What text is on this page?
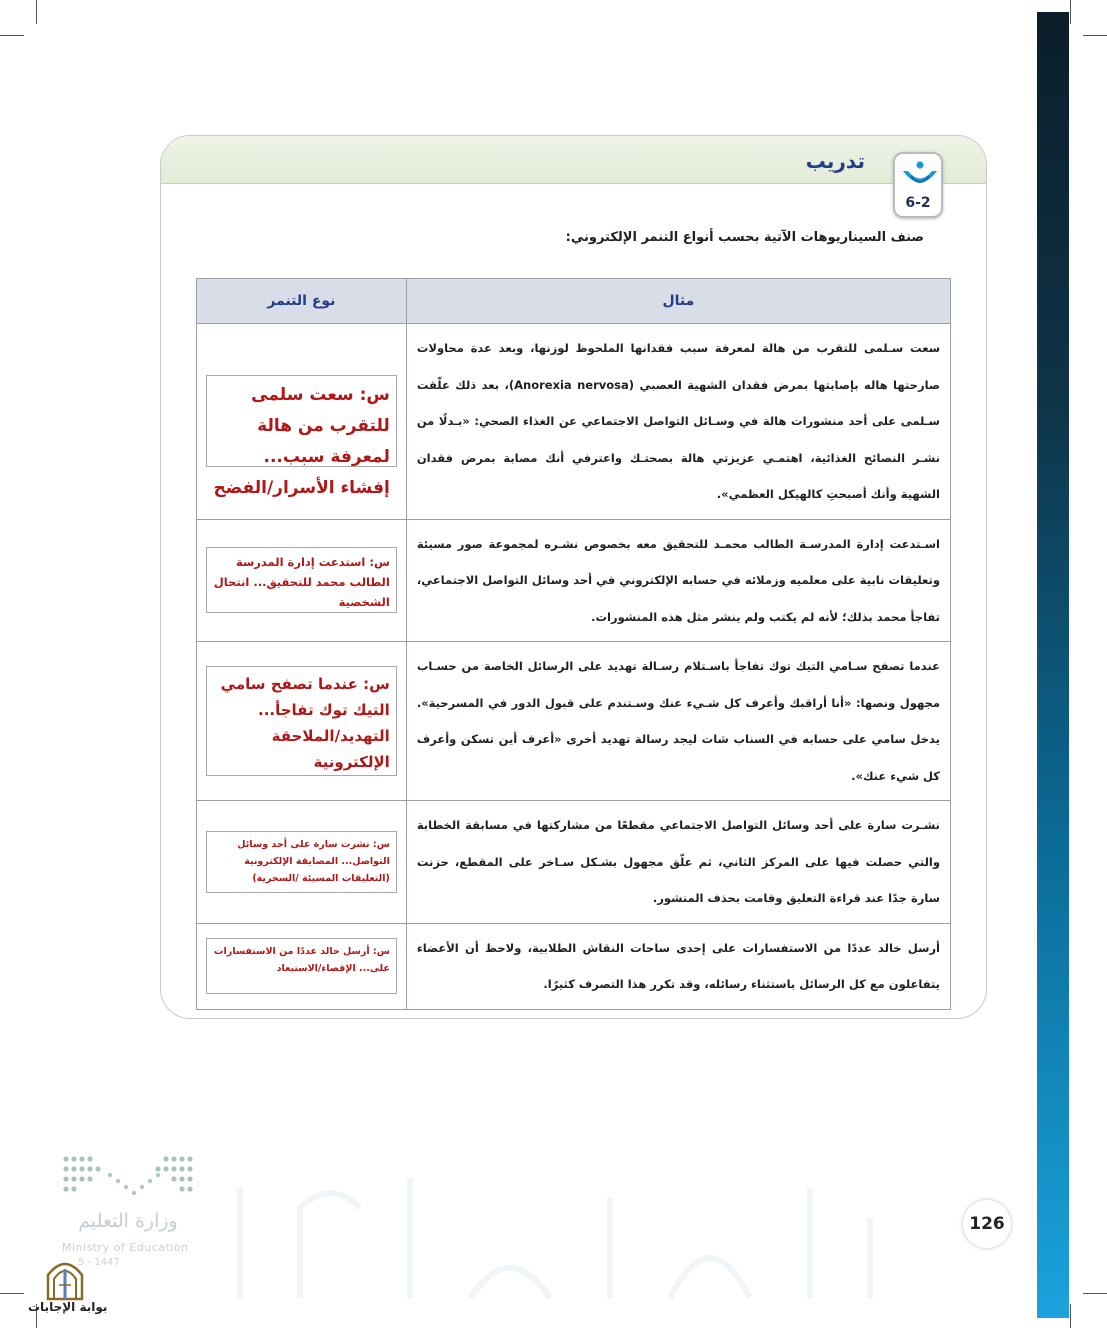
تدريب
6-2
صنف السيناريوهات الآتية بحسب أنواع التنمر الإلكتروني:
مثال	نوع التنمر
سعت سـلمى للتقرب من هالة لمعرفة سبب فقدانها الملحوظ لوزنها، وبعد عدة محاولات صارحتها هاله بإصابتها بمرض فقدان الشهية العصبي (Anorexia nervosa)، بعد ذلك علّقت سـلمى على أحد منشورات هالة في وسـائل التواصل الاجتماعي عن الغذاء الصحي: «بـدلًا من نشـر النصائح الغذائية، اهتمـي عزيزتي هالة بصحتـك واعترفي أنك مصابة بمرض فقدان الشهية وأنك أصبحتِ كالهيكل العظمي».	س: سعت سلمى للتقرب من هالة لمعرفة سبب... إفشاء الأسرار/الفضح

اسـتدعت إدارة المدرسـة الطالب محمـد للتحقيق معه بخصوص نشـره لمجموعة صور مسيئة وتعليقات نابية على معلميه وزملائه في حسابه الإلكتروني في أحد وسائل التواصل الاجتماعي، تفاجأ محمد بذلك؛ لأنه لم يكتب ولم ينشر مثل هذه المنشورات.	س: استدعت إدارة المدرسة الطالب محمد للتحقيق... انتحال الشخصية

عندما تصفح سـامي التيك توك تفاجأ باسـتلام رسـالة تهديد على الرسائل الخاصة من حسـاب مجهول ونصها: «أنا أراقبك وأعرف كل شـيء عنك وسـتندم على قبول الدور في المسرحية». يدخل سامي على حسابه في السناب شات ليجد رسالة تهديد أخرى «أعرف أين تسكن وأعرف كل شيء عنك».	س: عندما تصفح سامي التيك توك تفاجأ... التهديد/الملاحقة الإلكترونية

نشـرت سارة على أحد وسائل التواصل الاجتماعي مقطعًا من مشاركتها في مسابقة الخطابة والتي حصلت فيها على المركز الثاني، ثم علّق مجهول بشـكل سـاخر على المقطع، حزنت سارة جدًا عند قراءة التعليق وقامت بحذف المنشور.	س: نشرت سارة على أحد وسائل التواصل... المضايقة الإلكترونية (التعليقات المسيئة /السخرية)

أرسل خالد عددًا من الاستفسارات على إحدى ساحات النقاش الطلابية، ولاحظ أن الأعضاء يتفاعلون مع كل الرسائل باستثناء رسائله، وقد تكرر هذا التصرف كثيرًا.	س: أرسل خالد عددًا من الاستفسارات على... الإقصاء/الاستبعاد
126
وزارة التعليم
Ministry of Education
5 - 1447
بوابة الإجابات
